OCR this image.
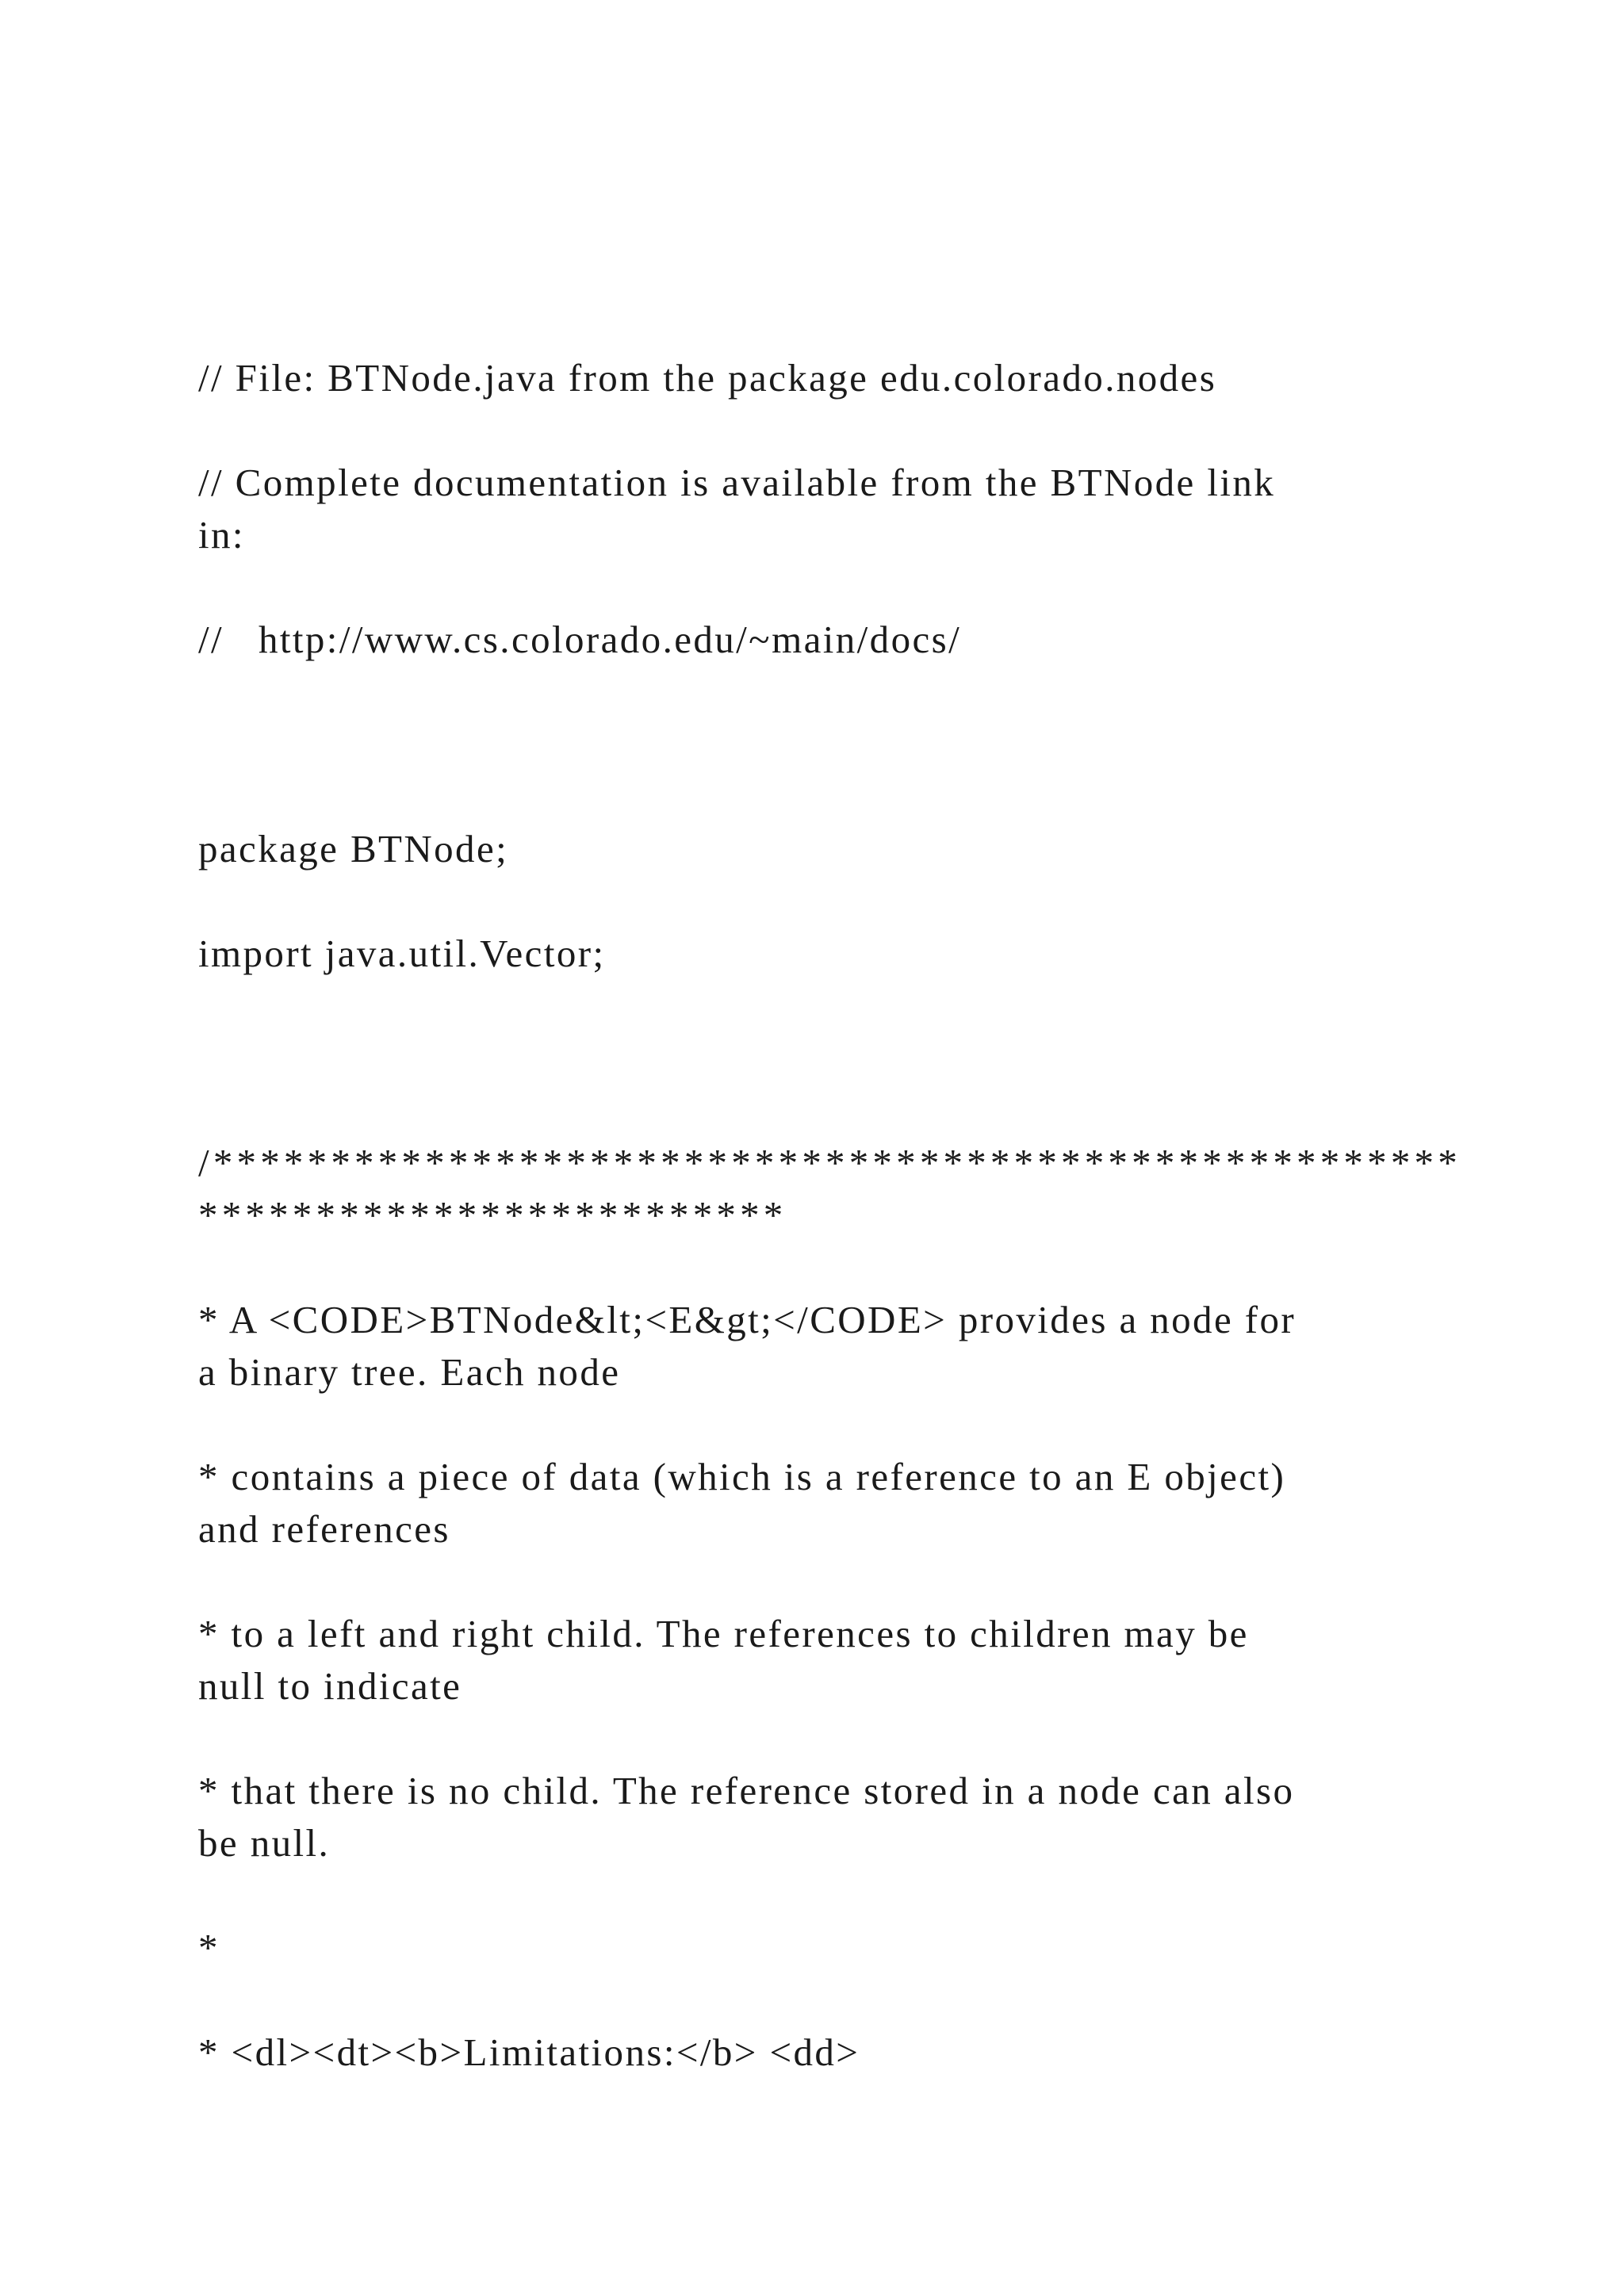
// File: BTNode.java from the package edu.colorado.nodes
// Complete documentation is available from the BTNode link
in:
//   http://www.cs.colorado.edu/~main/docs/
package BTNode;
import java.util.Vector;
/*****************************************************
*************************
* A <CODE>BTNode&lt;<E&gt;</CODE> provides a node for
a binary tree. Each node
* contains a piece of data (which is a reference to an E object)
and references
* to a left and right child. The references to children may be
null to indicate
* that there is no child. The reference stored in a node can also
be null.
*
* <dl><dt><b>Limitations:</b> <dd>
